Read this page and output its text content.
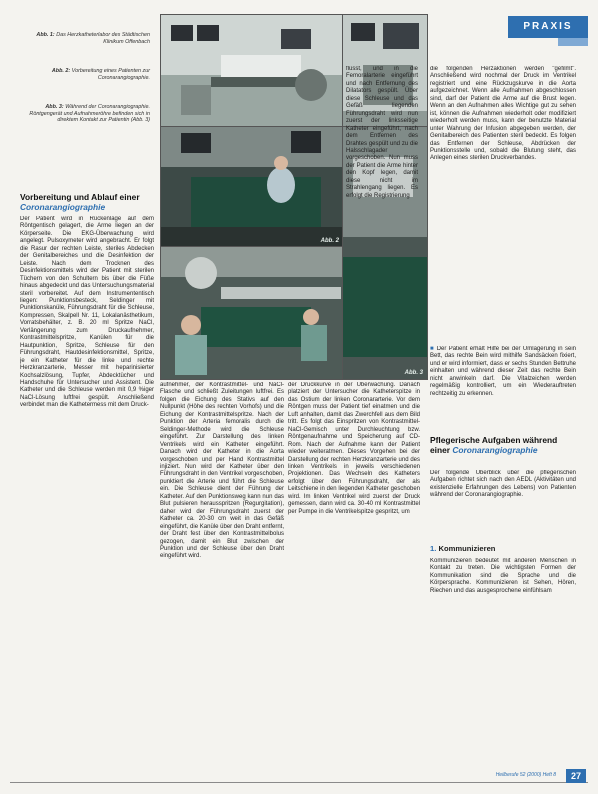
PRAXIS
Abb. 1: Das Herzkatheterlabor des Städtischen Klinikum Offenbach
Abb. 2: Vorbereitung eines Patienten zur Coronarangiographie.
Abb. 3: Während der Coronarangiographie. Röntgengerät und Aufnahmeröhre befinden sich in direktem Kontakt zur Patientin (Abb. 3)
Abb. 2
Abb. 3
Vorbereitung und Ablauf einer Coronarangiographie

Der Patient wird in Rückenlage auf dem Röntgentisch gelagert, die Arme liegen an der Körperseite. Die EKG-Überwachung wird angelegt. Pulsoxymeter wird angebracht. Er folgt die Rasur der rechten Leiste, steriles Abdecken der Genitalbereiches und die Desinfektion der Leiste. Nach dem Trocknen des Desinfektionsmittels wird der Patient mit sterilen Tüchern von den Schultern bis über die Füße hinaus abgedeckt und das Untersuchungsmaterial steril vorbereitet. Auf dem Instrumententisch liegen: Punktionsbesteck, Seldinger mit Punktionskanüle, Führungsdraht für die Schleuse, Kompressen, Skalpell Nr. 11, Lokalanästhetikum, Vorratsbehälter, z. B. 20 ml Spritze NaCl, Verlängerung zum Druckaufnehmer, Kontrastmittelspritze, Kanülen für die Hautpunktion, Spritze, Schleuse für den Führungsdraht, Hautdesinfektionsmittel, Spritze, je ein Katheter für die linke und rechte Herzkranzarterie, Messer mit heparinisierter Kochsalzlösung, Tupfer, Abdecktücher und Handschuhe für Untersucher und Assistent. Die Katheter und die Schleuse werden mit 0,9 %iger NaCl-Lösung luftfrei gespült. Anschließend verbindet man die Kathetermess mit dem Druck-

flüsst, und in die Femoralarterie eingeführt und nach Entfernung des Dilatators gespült. Über diese Schleuse und das Gefäß liegenden Führungsdraht wird nun zuerst der linksseitige Katheter eingeführt, nach dem Entfernen des Drahtes gespült und zu die Halsschlagader vorgeschoben. Nun muss der Patient die Arme hinter den Kopf legen, damit diese nicht im Strahlengang liegen. Es erfolgt die Registrierung

aufnehmer, der Kontrastmittel- und NaCl-Flasche und schließt Zuleitungen luftfrei. Es folgen die Eichung des Stativs auf den Nullpunkt (Höhe des rechten Vorhofs) und die Eichung der Kontrastmittelspritze. Nach der Punktion der Arteria femoralis durch die Seldinger-Methode wird die Schleuse eingeführt. Zur Darstellung des linken Ventrikels wird ein Katheter eingeführt. Danach wird der Katheter in die Aorta vorgeschoben und per Hand Kontrastmittel injiziert. Nun wird der Katheter über den Führungsdraht in den Ventrikel vorgeschoben, punktiert die Arterie und führt die Schleuse ein. Die Schleuse dient der Führung der Katheter. Auf den Punktionsweg kann nun das Blut pulsieren herausspritzen (Regurgitation), daher wird der Führungsdraht zuerst der Katheter ca. 20-30 cm weit in das Gefäß eingeführt, die Kanüle über den Draht entfernt, der Draht fest über den Kontrastmittelbolus gezogen, damit ein Blut zwischen der Punktion und der Schleuse über den Draht eingeführt wird.

der Druckkurve in der Überwachung. Danach platziert der Untersucher die Katheterspitze in das Ostium der linken Coronararterie. Vor dem Röntgen muss der Patient tief einatmen und die Luft anhalten, damit das Zwerchfell aus dem Bild tritt. Es folgt das Einspritzen von Kontrastmittel-NaCl-Gemisch unter Durchleuchtung bzw. Röntgenaufnahme und Speicherung auf CD-Rom. Nach der Aufnahme kann der Patient wieder weiteratmen. Dieses Vorgehen bei der Darstellung der rechten Herzkranzarterie und des linken Ventrikels in jeweils verschiedenen Projektionen. Das Wechseln des Katheters erfolgt über den Führungsdraht, der als Leitschiene in den liegenden Katheter geschoben wird. Im linken Ventrikel wird zuerst der Druck gemessen, dann wird ca. 30-40 ml Kontrastmittel per Pumpe in die Ventrikelspitze gespritzt, um

die folgenden Herzaktionen werden "gefilmt". Anschließend wird nochmal der Druck im Ventrikel registriert und eine Rückzugskurve in die Aorta aufgezeichnet. Wenn alle Aufnahmen abgeschlossen sind, darf der Patient die Arme auf die Brust legen. Wenn an den Aufnahmen alles Wichtige gut zu sehen ist, können die Aufnahmen wiederholt oder modifiziert wiederholt werden muss, kann der benutzte Material unter Wahrung der Infusion abgegeben werden, der Genitalbereich des Patienten steril bedeckt. Es folgen das Entfernen der Schleuse, Abdrücken der Punktionsstelle und, sobald die Blutung steht, das Anlegen eines sterilen Druckverbandes.

■ Der Patient erhält Hilfe bei der Umlagerung in sein Bett, das rechte Bein wird mithilfe Sandsäcken fixiert, und er wird informiert, dass er sechs Stunden Bettruhe einhalten und während dieser Zeit das rechte Bein nicht anwinkeln darf. Die Vitalzeichen werden regelmäßig kontrolliert, um ein Wiederauftreten rechtzeitig zu erkennen.

Pflegerische Aufgaben während einer Coronarangiographie

Der folgende Überblick über die pflegerischen Aufgaben richtet sich nach den AEDL (Aktivitäten und existenzielle Erfahrungen des Lebens) von Patienten während der Coronarangiographie.

1. Kommunizieren

Kommunizieren bedeutet mit anderen Menschen in Kontakt zu treten. Die wichtigsten Formen der Kommunikation sind die Sprache und die Körpersprache. Kommunizieren ist Sehen, Hören, Riechen und das ausgesprochene einfühlsam

Heilberufe 52 (2000) Heft 8	27
